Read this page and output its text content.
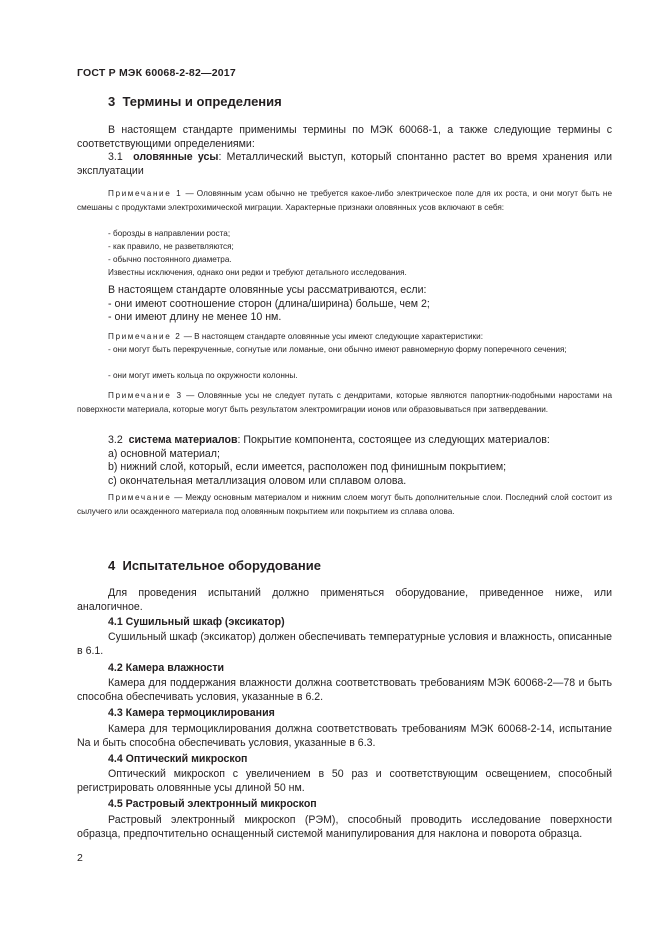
ГОСТ Р МЭК 60068-2-82—2017
3 Термины и определения
В настоящем стандарте применимы термины по МЭК 60068-1, а также следующие термины с соответствующими определениями:
3.1 оловянные усы: Металлический выступ, который спонтанно растет во время хранения или эксплуатации
Примечание 1 — Оловянным усам обычно не требуется какое-либо электрическое поле для их роста, и они могут быть не смешаны с продуктами электрохимической миграции. Характерные признаки оловянных усов включают в себя:
- борозды в направлении роста;
- как правило, не разветвляются;
- обычно постоянного диаметра.
Известны исключения, однако они редки и требуют детального исследования.
В настоящем стандарте оловянные усы рассматриваются, если:
- они имеют соотношение сторон (длина/ширина) больше, чем 2;
- они имеют длину не менее 10 нм.
Примечание 2 — В настоящем стандарте оловянные усы имеют следующие характеристики:
- они могут быть перекрученные, согнутые или ломаные, они обычно имеют равномерную форму поперечного сечения;
- они могут иметь кольца по окружности колонны.
Примечание 3 — Оловянные усы не следует путать с дендритами, которые являются папортник-подобными наростами на поверхности материала, которые могут быть результатом электромиграции ионов или образовываться при затвердевании.
3.2 система материалов: Покрытие компонента, состоящее из следующих материалов:
a) основной материал;
b) нижний слой, который, если имеется, расположен под финишным покрытием;
c) окончательная металлизация оловом или сплавом олова.
Примечание — Между основным материалом и нижним слоем могут быть дополнительные слои. Последний слой состоит из сылучего или осажденного материала под оловянным покрытием или покрытием из сплава олова.
4 Испытательное оборудование
Для проведения испытаний должно применяться оборудование, приведенное ниже, или аналогичное.
4.1 Сушильный шкаф (эксикатор)
Сушильный шкаф (эксикатор) должен обеспечивать температурные условия и влажность, описанные в 6.1.
4.2 Камера влажности
Камера для поддержания влажности должна соответствовать требованиям МЭК 60068-2—78 и быть способна обеспечивать условия, указанные в 6.2.
4.3 Камера термоциклирования
Камера для термоциклирования должна соответствовать требованиям МЭК 60068-2-14, испытание Na и быть способна обеспечивать условия, указанные в 6.3.
4.4 Оптический микроскоп
Оптический микроскоп с увеличением в 50 раз и соответствующим освещением, способный регистрировать оловянные усы длиной 50 нм.
4.5 Растровый электронный микроскоп
Растровый электронный микроскоп (РЭМ), способный проводить исследование поверхности образца, предпочтительно оснащенный системой манипулирования для наклона и поворота образца.
2
